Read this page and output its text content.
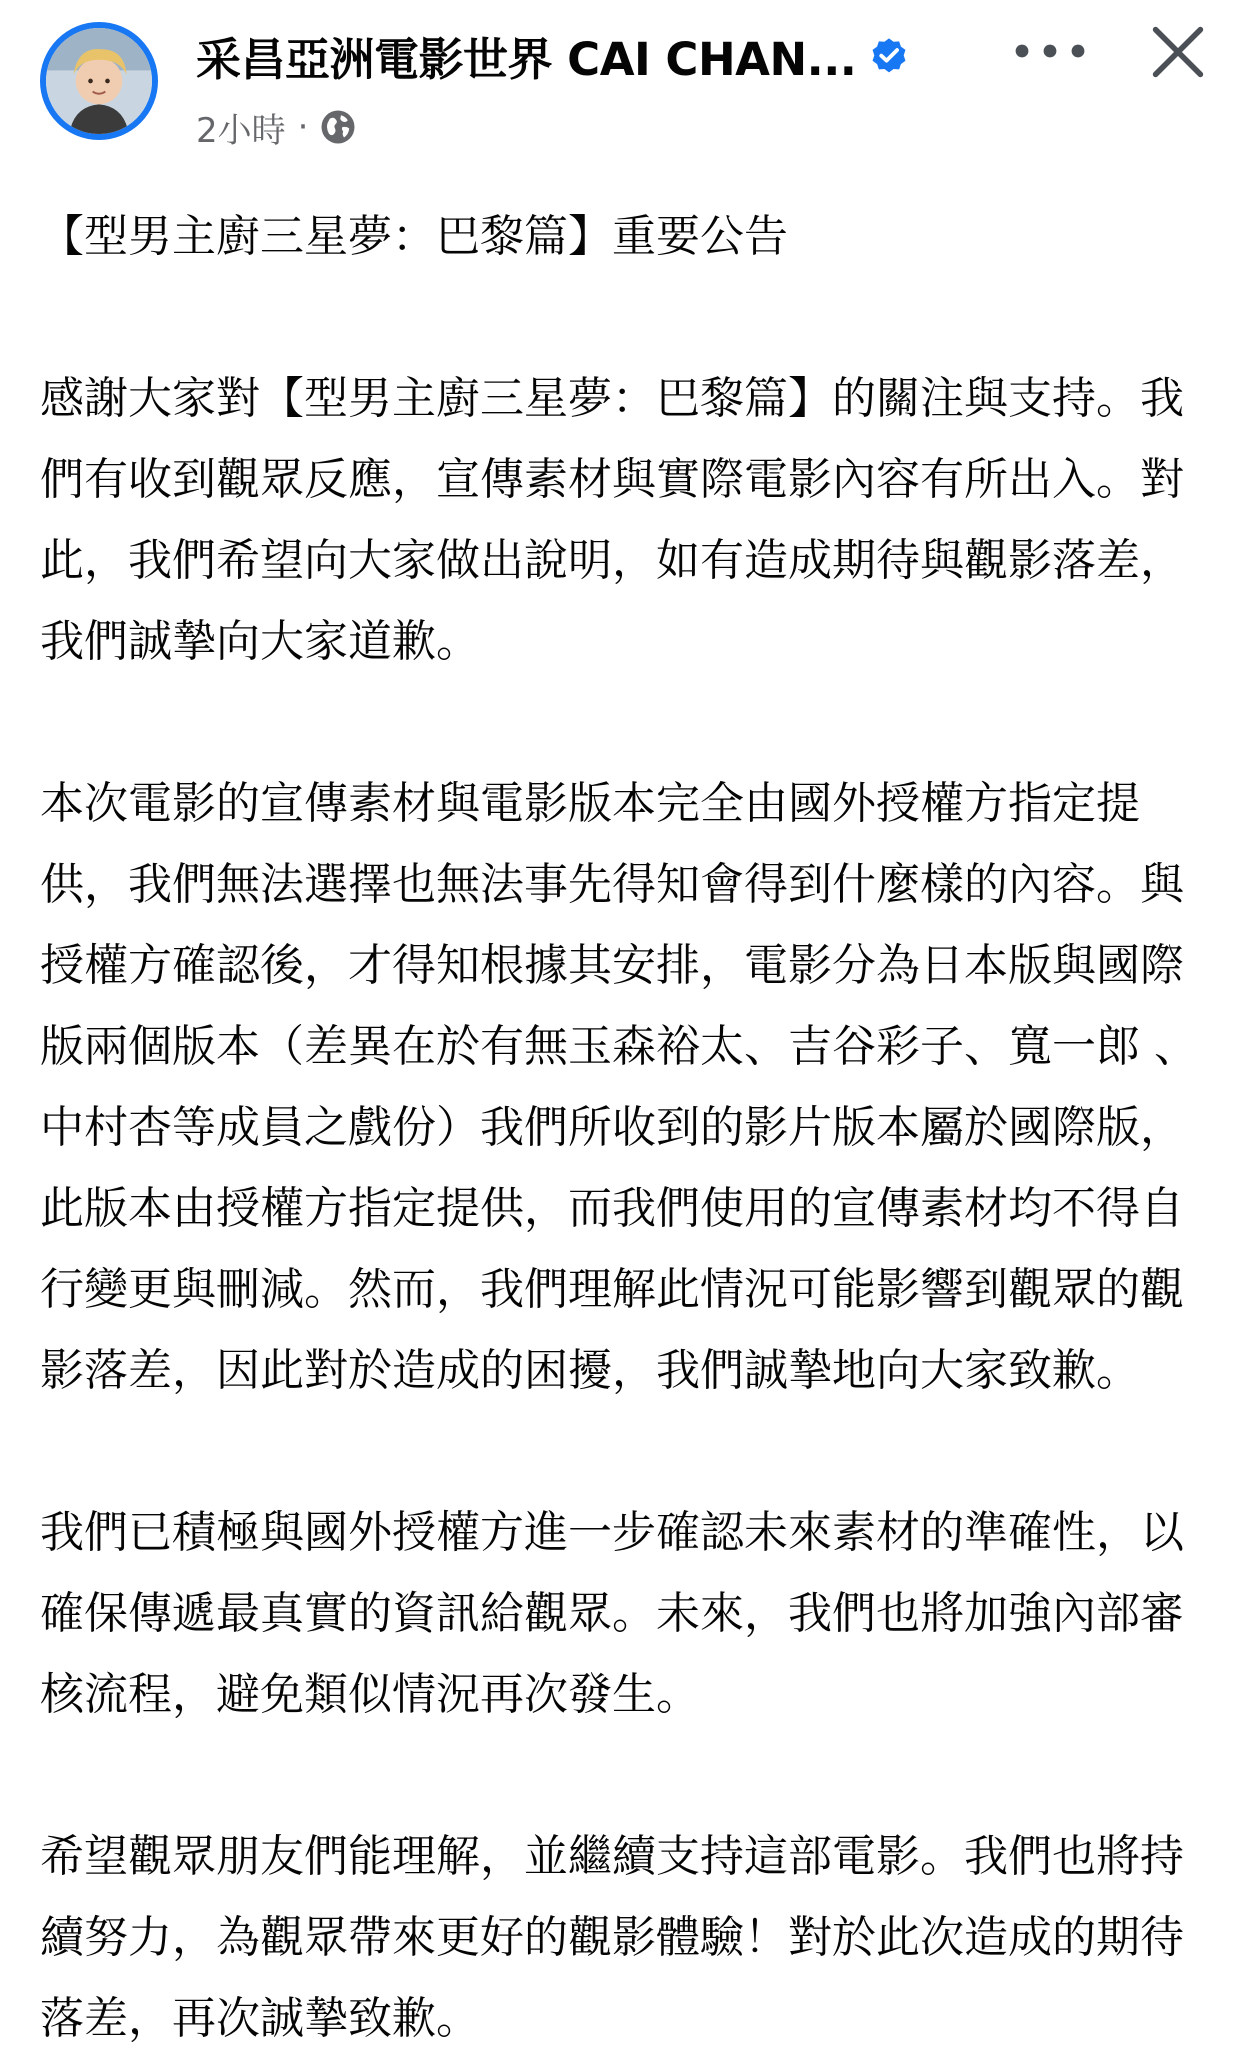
采昌亞洲電影世界 CAI CHAN...
2小時 ·

【型男主廚三星夢：巴黎篇】重要公告

感謝大家對【型男主廚三星夢：巴黎篇】的關注與支持。我們有收到觀眾反應，宣傳素材與實際電影內容有所出入。對此，我們希望向大家做出說明，如有造成期待與觀影落差，我們誠摯向大家道歉。

本次電影的宣傳素材與電影版本完全由國外授權方指定提供，我們無法選擇也無法事先得知會得到什麼樣的內容。與授權方確認後，才得知根據其安排，電影分為日本版與國際版兩個版本（差異在於有無玉森裕太、吉谷彩子、寬一郎 、中村杏等成員之戲份）我們所收到的影片版本屬於國際版，此版本由授權方指定提供，而我們使用的宣傳素材均不得自行變更與刪減。然而，我們理解此情況可能影響到觀眾的觀影落差，因此對於造成的困擾，我們誠摯地向大家致歉。

我們已積極與國外授權方進一步確認未來素材的準確性，以確保傳遞最真實的資訊給觀眾。未來，我們也將加強內部審核流程，避免類似情況再次發生。

希望觀眾朋友們能理解，並繼續支持這部電影。我們也將持續努力，為觀眾帶來更好的觀影體驗！對於此次造成的期待落差，再次誠摯致歉。
